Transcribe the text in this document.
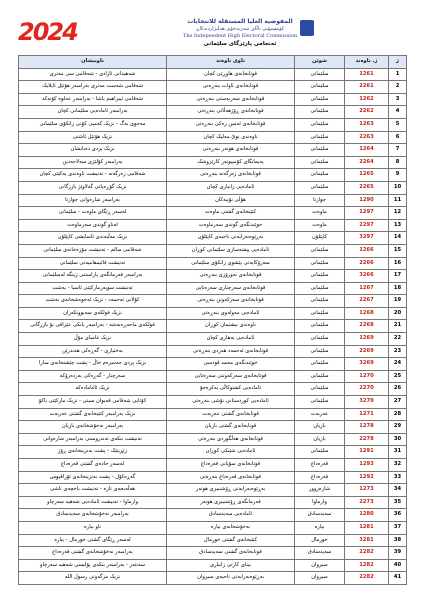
2024	المفوضية العليا المستقلة للانتخابات
كۆمسیۆنی باڵای سەربەخۆی هەڵبژاردنەکان
The Independent High Electoral Commission
ئەنجامی پارێزگای سلێمانی
ژ	ژ. ناوەند	شوێن	ناوی ناوەند	ناونیشان
1	1261	سلێمانی	قوتابخانەی هاوڕێی کچان	شەهیدانی ئازادی - شەقامی سی مەتری
2	2261	سلێمانی	قوتابخانەی ئاوات بنەڕەتی	شەقامی شەست مەتری بەرامبەر هۆتێل ئایلایک
3	1262	سلێمانی	قوتابخانەی سەربەستی بنەڕەتی	شەقامی ئیبراهیم پاشا - بەرامبەر عەلوە کۆنەکە
4	2262	سلێمانی	قوتابخانەی ڕۆژهەڵاتی بنەڕەتی	بەرامبەر ئامادەیی سلێمانی کچان
5	1263	سلێمانی	قوتابخانەی ئەمین زەکی بنەڕەتی	مەحوی بەگ - نزیک کەمپی کۆنی زانکۆی سلێمانی
6	2263	سلێمانی	ناوەندی نوێ مەلیک کچان	نزیک هۆتێل ئاشتی
7	1264	سلێمانی	قوتابخانەی هونەر بنەڕەتی	نزیک پردی دەبابشان
8	2264	سلێمانی	پەیمانگای کۆمپیوتەر کارێزوشک	بەرامبەر کۆلێژی سەلاحەدین
9	1265	سلێمانی	قوتابخانەی زەرگەتە بنەڕەتی	شەقامی زەرگەتە - تەنیشت ناوەندی یەکێتی کچان
10	2265	سلێمانی	ئامادەیی زانیاری کچان	نزیک گۆڕەپانی گەلاوێژ بازرگانی
11	1290	چوارتا	هۆڵی بۆینەکان	بەرامبەر شارەوانی چوارتا
12	1297	ماوەت	کتێبخانەی گشتی ماوەت	لەسەر ڕێگای ماوەت - سلێمانی
13	2297	ماوەت	خوێندنگەی گوندی سەرماوەت	لەناو گوندی سەرماوەت
14	3297	کاپێلۆن	بەڕێوەبەرایەتی ناحیەی کاپێلۆن	نزیک مەڵبەندی ئاسایشی کاپێلۆن
15	1266	سلێمانی	ئامادەیی پیشەسازی سلێمانی کوڕان	شەقامی سالم - تەنیشت مۆزەخانەی سلێمانی
16	2266	سلێمانی	سەرۆکایەتی پێشوی زانکۆی سلێمانی	تەنیشت قائیمقامیەتی سلێمانی
17	3266	سلێمانی	قوتابخانەی نەورۆزی بنەڕەتی	بەرامبەر فەرمانگەی پاراستنی ژینگە لەسلێمانی
18	1267	سلێمانی	قوتابخانەی سەرچناری سەرەتایی	تەنیشت سوپەرمارکێتی ئاسیا - بەشت
19	2267	سلێمانی	قوتابخانەی سەرکەوتن بنەڕەتی	کۆلانی ئەحمەد - نزیک ئەخوەشخانەی بەشت
20	1268	سلێمانی	ئامادەیی مەولەوی بنەڕەتی	نزیک فولکەی سەبوونکەران
21	2268	سلێمانی	ناوەندی نیشتمان کوڕان	فولکەی ماجەڕەبەشە - بەرامبەر بانکی عێراقی بۆ بازرگانی
22	1269	سلێمانی	ئامادەیی بەهاری کچان	نزیک غامبای مۆڵ
23	2269	سلێمانی	قوتابخانەی ئەحمەد هەردی بنەڕەتی	بەختیاری - گەڕەکی هەندرێن
24	3269	سلێمانی	خوێندنگەی محمد قودسی	نزیک پردی حەسرەم خاڵ - پشت چێشتخانەی سارا
25	1270	سلێمانی	قوتابخانەی سەرکەوتنی سەرەتایی	سەرچنار - گەڕەکی بەردەرۆکە
26	2270	سلێمانی	ئامادەیی کشتوکاڵی بەکرەجۆ	نزیک ئاغامادەکە
27	3270	سلێمانی	ئامادەیی کوردستانی نۆشی بنەڕەتی	کۆتایی شەقامی قەیوان سیتی - نزیک مارکێتی باکۆ
28	1271	عەربەت	قوتابخانەی گشتی عەربەت	نزیک بەرامبەر کتێبخانەی گشتی عەربەت
29	1278	بازیان	قوتابخانەی گشتی بازیان	بەرامبەر نەخۆشخانەی بازیان
30	2278	بازیان	قوتابخانەی هەڵگوردی بنەڕەتی	تەنیشت بنکەی تەندروستی بەرامبەر شارەوانی
31	1291	سلێمانی	ئامادەیی شێنکی کوڕان	زێڕینێک - پشت بەنزینخانەی ڕۆژ
32	1293	قەرەداغ	قوتابخانەی سۆپانی قەرەداغ	لەسەر جادەی گشتی قەرەداغ
33	1292	قەرەداغ	قوتابخانەی قەرەداغ بنەڕەتی	گەڕەکۆل - پشت بەنزینخانەی ئۆراقیوس
34	1273	شارەزوور	بەڕێوەبەرایەتی ڕۆشنبیری هونەر	هەڵەبجەی تازە - تەنیشت باخچەی ناشی
35	2273	وارماوا	فەرمانگەی ڕۆشنبیری هونەر	وارماوا - تەنیشت ئامادەیی شەهید سەرچاو
36	1280	سەیدسادق	ئامادەیی سەیدسادق	بەرامبەر نەخۆشخانەی سەیدسادق
37	1281	بیارە	نەخۆشخانەی بیارە	ناو بیارە
38	3281	خورمال	کتێبخانەی گشتی خورمال	لەسەر ڕێگای گشتی خورمال - بیارە
39	2282	سەیدسادق	قوتابخانەی گشتی سەیدسادق	بەرامبەر نەخۆشخانەی گشتی قەرەداغ
40	1282	سیروان	بینای کارتی زانیاری	سەنتەر - بەرامبەر بنکەی پۆلیسی شەهید سەرچاو
41	2282	سیروان	بەڕێوەبەرایەتی ناحیەی سیروان	نزیک مزگەوتی رسول الله
